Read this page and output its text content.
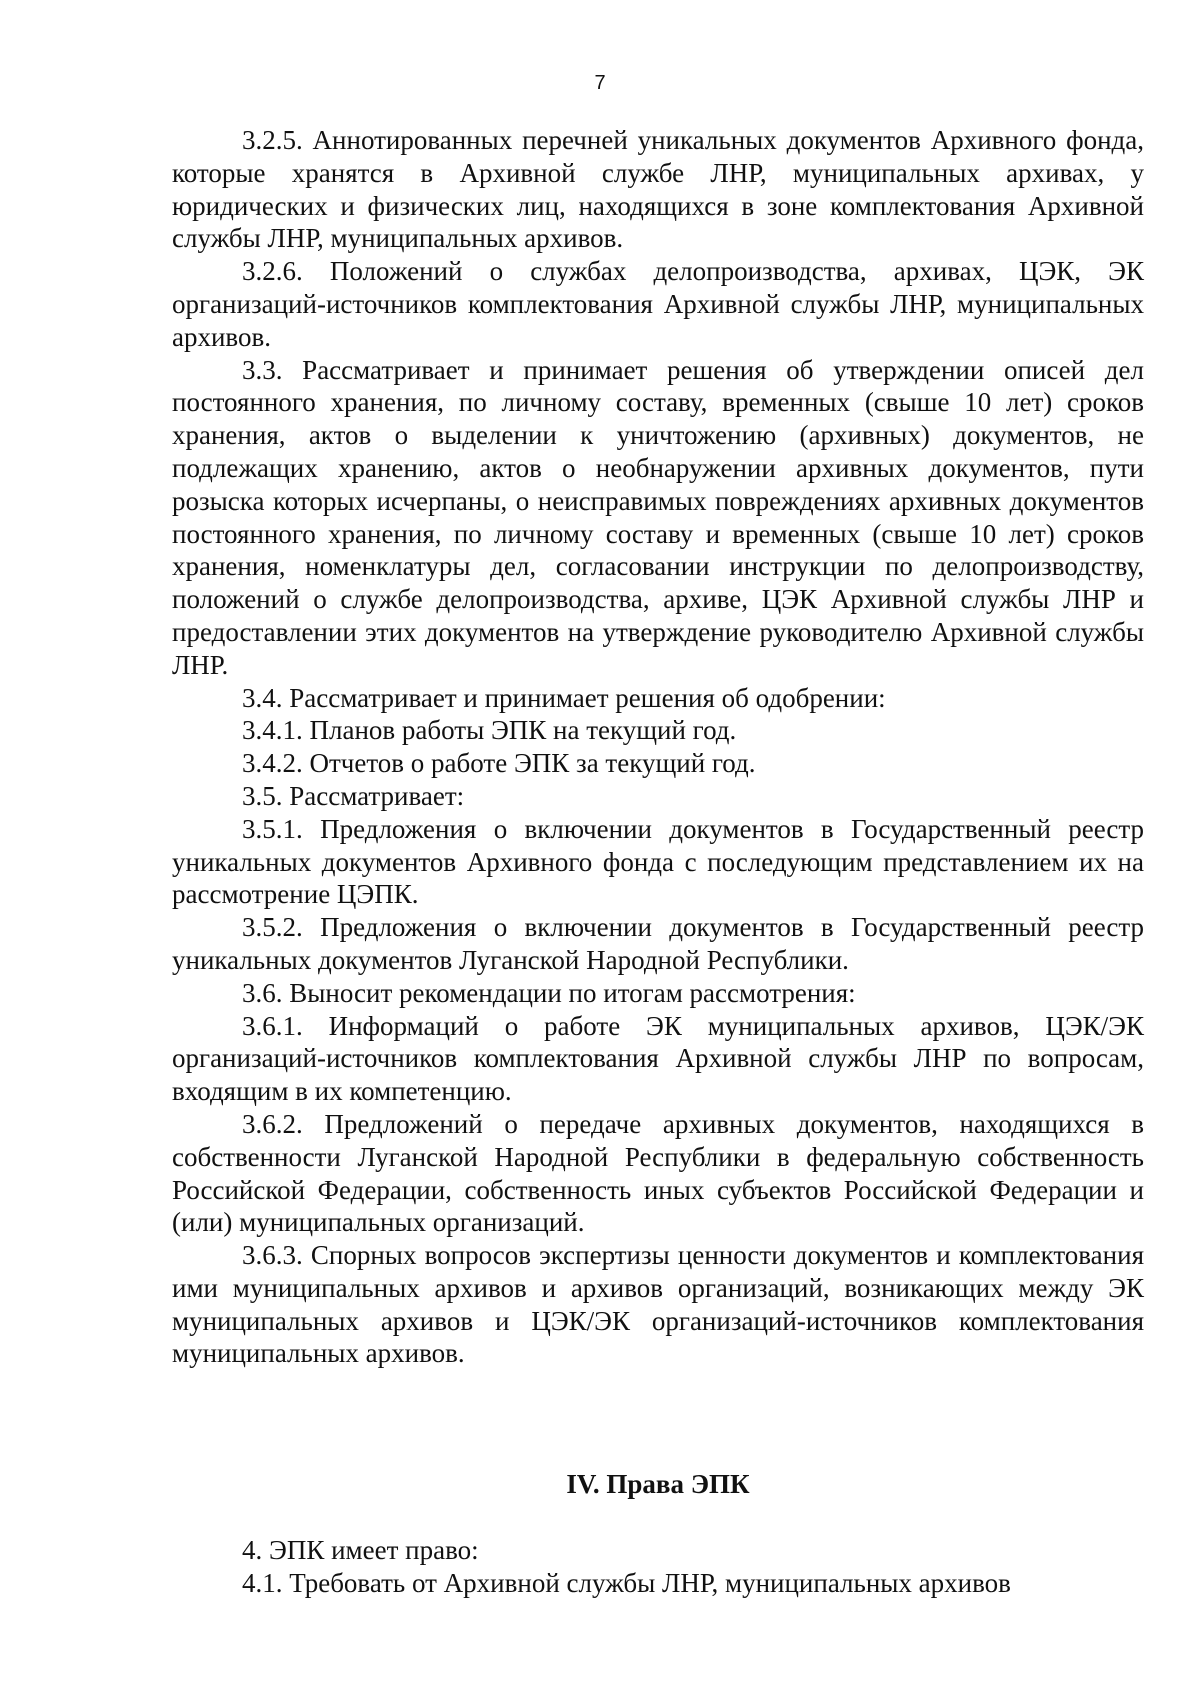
7

3.2.5. Аннотированных перечней уникальных документов Архивного фонда, которые хранятся в Архивной службе ЛНР, муниципальных архивах, у юридических и физических лиц, находящихся в зоне комплектования Архивной службы ЛНР, муниципальных архивов.

3.2.6. Положений о службах делопроизводства, архивах, ЦЭК, ЭК организаций-источников комплектования Архивной службы ЛНР, муниципальных архивов.

3.3. Рассматривает и принимает решения об утверждении описей дел постоянного хранения, по личному составу, временных (свыше 10 лет) сроков хранения, актов о выделении к уничтожению (архивных) документов, не подлежащих хранению, актов о необнаружении архивных документов, пути розыска которых исчерпаны, о неисправимых повреждениях архивных документов постоянного хранения, по личному составу и временных (свыше 10 лет) сроков хранения, номенклатуры дел, согласовании инструкции по делопроизводству, положений о службе делопроизводства, архиве, ЦЭК Архивной службы ЛНР и предоставлении этих документов на утверждение руководителю Архивной службы ЛНР.

3.4. Рассматривает и принимает решения об одобрении:

3.4.1. Планов работы ЭПК на текущий год.

3.4.2. Отчетов о работе ЭПК за текущий год.

3.5. Рассматривает:

3.5.1. Предложения о включении документов в Государственный реестр уникальных документов Архивного фонда с последующим представлением их на рассмотрение ЦЭПК.

3.5.2. Предложения о включении документов в Государственный реестр уникальных документов Луганской Народной Республики.

3.6. Выносит рекомендации по итогам рассмотрения:

3.6.1. Информаций о работе ЭК муниципальных архивов, ЦЭК/ЭК организаций-источников комплектования Архивной службы ЛНР по вопросам, входящим в их компетенцию.

3.6.2. Предложений о передаче архивных документов, находящихся в собственности Луганской Народной Республики в федеральную собственность Российской Федерации, собственность иных субъектов Российской Федерации и (или) муниципальных организаций.

3.6.3. Спорных вопросов экспертизы ценности документов и комплектования ими муниципальных архивов и архивов организаций, возникающих между ЭК муниципальных архивов и ЦЭК/ЭК организаций-источников комплектования муниципальных архивов.

IV. Права ЭПК

4. ЭПК имеет право:

4.1. Требовать от Архивной службы ЛНР, муниципальных архивов
